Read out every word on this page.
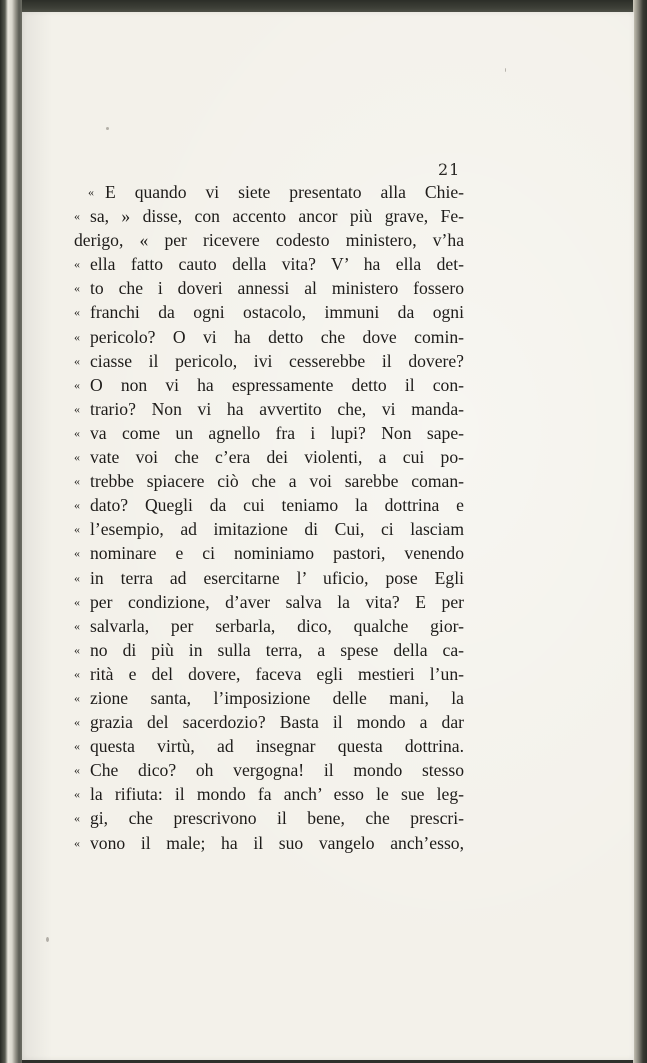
21
« E quando vi siete presentato alla Chie-
« sa, » disse, con accento ancor più grave, Fe-
derigo, « per ricevere codesto ministero, v’ha
« ella fatto cauto della vita? V’ ha ella det-
« to che i doveri annessi al ministero fossero
« franchi da ogni ostacolo, immuni da ogni
« pericolo? O vi ha detto che dove comin-
« ciasse il pericolo, ivi cesserebbe il dovere?
« O non vi ha espressamente detto il con-
« trario? Non vi ha avvertito che, vi manda-
« va come un agnello fra i lupi? Non sape-
« vate voi che c’era dei violenti, a cui po-
« trebbe spiacere ciò che a voi sarebbe coman-
« dato? Quegli da cui teniamo la dottrina e
« l’esempio, ad imitazione di Cui, ci lasciam
« nominare e ci nominiamo pastori, venendo
« in terra ad esercitarne l’ uficio, pose Egli
« per condizione, d’aver salva la vita? E per
« salvarla, per serbarla, dico, qualche gior-
« no di più in sulla terra, a spese della ca-
« rità e del dovere, faceva egli mestieri l’un-
« zione santa, l’imposizione delle mani, la
« grazia del sacerdozio? Basta il mondo a dar
« questa virtù, ad insegnar questa dottrina.
« Che dico? oh vergogna! il mondo stesso
« la rifiuta: il mondo fa anch’ esso le sue leg-
« gi, che prescrivono il bene, che prescri-
« vono il male; ha il suo vangelo anch’esso,
